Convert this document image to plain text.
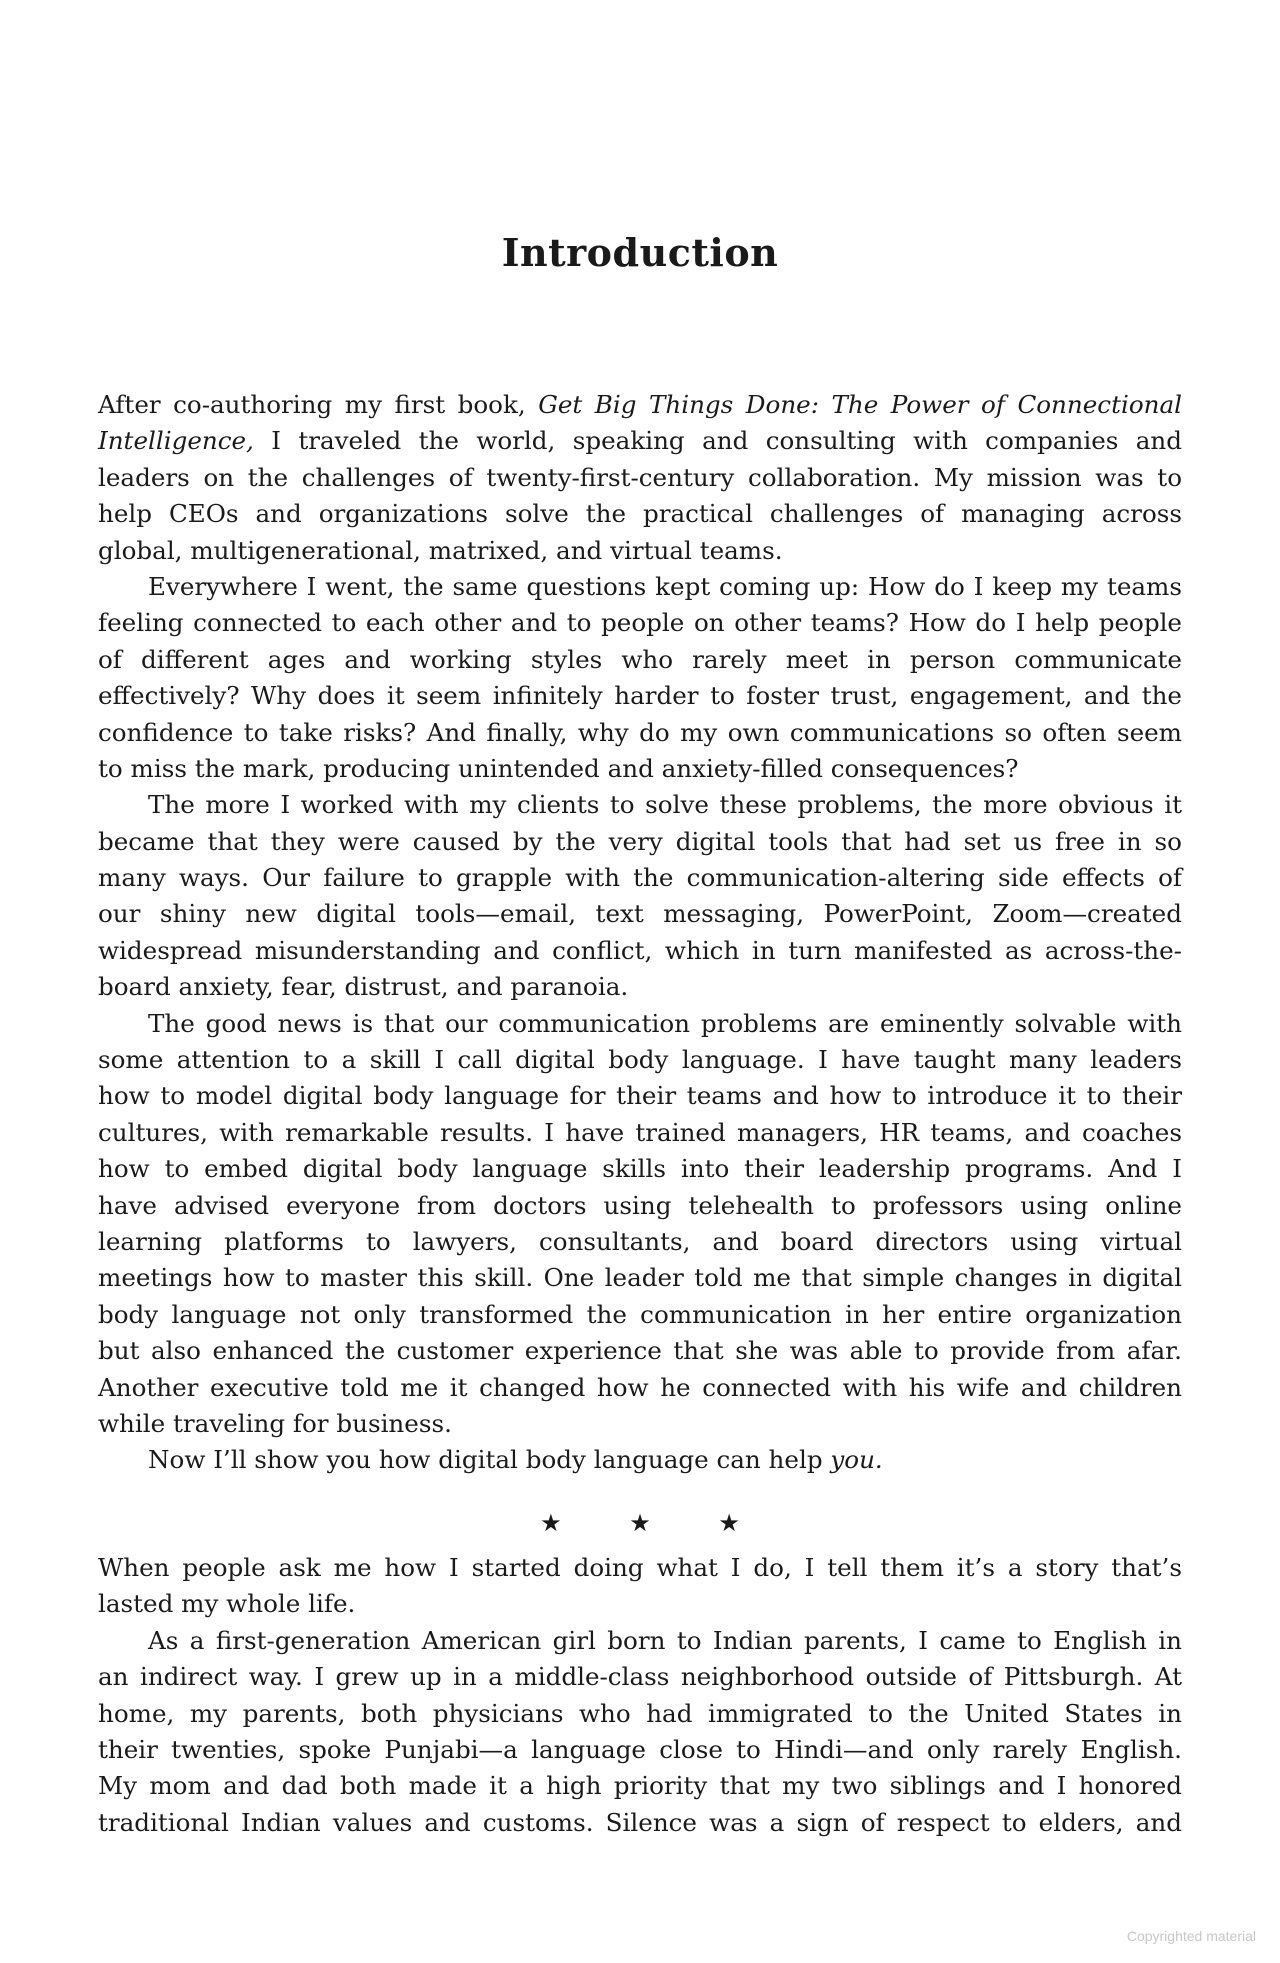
Introduction
After co-authoring my first book, Get Big Things Done: The Power of Connectional
Intelligence, I traveled the world, speaking and consulting with companies and
leaders on the challenges of twenty-first-century collaboration. My mission was to
help CEOs and organizations solve the practical challenges of managing across
global, multigenerational, matrixed, and virtual teams.
Everywhere I went, the same questions kept coming up: How do I keep my teams
feeling connected to each other and to people on other teams? How do I help people
of different ages and working styles who rarely meet in person communicate
effectively? Why does it seem infinitely harder to foster trust, engagement, and the
confidence to take risks? And finally, why do my own communications so often seem
to miss the mark, producing unintended and anxiety-filled consequences?
The more I worked with my clients to solve these problems, the more obvious it
became that they were caused by the very digital tools that had set us free in so
many ways. Our failure to grapple with the communication-altering side effects of
our shiny new digital tools—email, text messaging, PowerPoint, Zoom—created
widespread misunderstanding and conflict, which in turn manifested as across-the-
board anxiety, fear, distrust, and paranoia.
The good news is that our communication problems are eminently solvable with
some attention to a skill I call digital body language. I have taught many leaders
how to model digital body language for their teams and how to introduce it to their
cultures, with remarkable results. I have trained managers, HR teams, and coaches
how to embed digital body language skills into their leadership programs. And I
have advised everyone from doctors using telehealth to professors using online
learning platforms to lawyers, consultants, and board directors using virtual
meetings how to master this skill. One leader told me that simple changes in digital
body language not only transformed the communication in her entire organization
but also enhanced the customer experience that she was able to provide from afar.
Another executive told me it changed how he connected with his wife and children
while traveling for business.
Now I’ll show you how digital body language can help you.
★ ★ ★
When people ask me how I started doing what I do, I tell them it’s a story that’s
lasted my whole life.
As a first-generation American girl born to Indian parents, I came to English in
an indirect way. I grew up in a middle-class neighborhood outside of Pittsburgh. At
home, my parents, both physicians who had immigrated to the United States in
their twenties, spoke Punjabi—a language close to Hindi—and only rarely English.
My mom and dad both made it a high priority that my two siblings and I honored
traditional Indian values and customs. Silence was a sign of respect to elders, and
Copyrighted material
